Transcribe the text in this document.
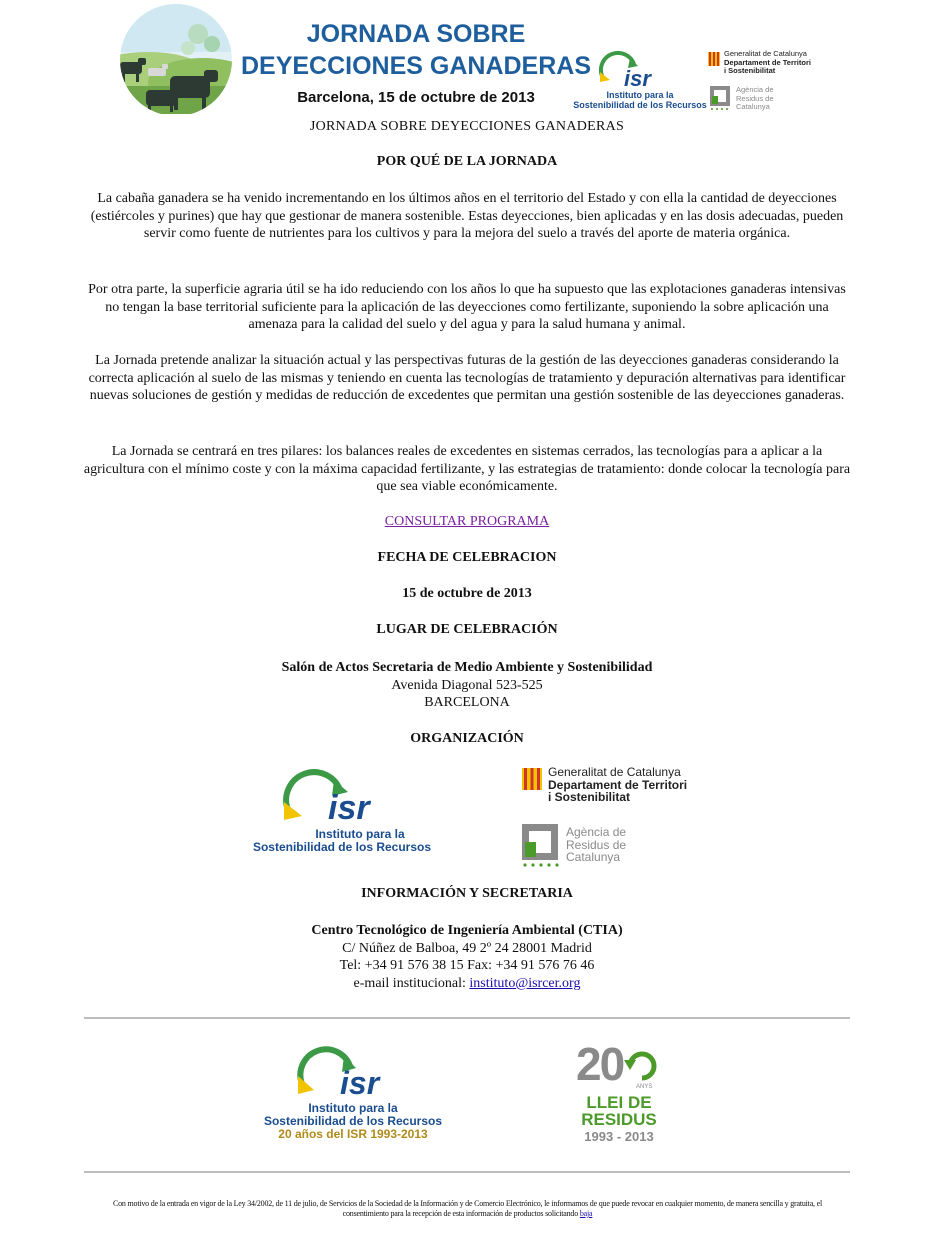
JORNADA SOBRE
DEYECCIONES GANADERAS
Barcelona, 15 de octubre de 2013
isr
Instituto para la
Sostenibilidad de los Recursos
Generalitat de Catalunya
Departament de Territori
i Sostenibilitat
Agència de
Residus de
Catalunya
JORNADA SOBRE DEYECCIONES GANADERAS
POR QUÉ DE LA JORNADA
La cabaña ganadera se ha venido incrementando en los últimos años en el territorio del Estado y con ella la cantidad de deyecciones (estiércoles y purines) que hay que gestionar de manera sostenible. Estas deyecciones, bien aplicadas y en las dosis adecuadas, pueden servir como fuente de nutrientes para los cultivos y para la mejora del suelo a través del aporte de materia orgánica.
Por otra parte, la superficie agraria útil se ha ido reduciendo con los años lo que ha supuesto que las explotaciones ganaderas intensivas no tengan la base territorial suficiente para la aplicación de las deyecciones como fertilizante, suponiendo la sobre aplicación una amenaza para la calidad del suelo y del agua y para la salud humana y animal.
La Jornada pretende analizar la situación actual y las perspectivas futuras de la gestión de las deyecciones ganaderas considerando la correcta aplicación al suelo de las mismas y teniendo en cuenta las tecnologías de tratamiento y depuración alternativas para identificar nuevas soluciones de gestión y medidas de reducción de excedentes que permitan una gestión sostenible de las deyecciones ganaderas.
La Jornada se centrará en tres pilares: los balances reales de excedentes en sistemas cerrados, las tecnologías para a aplicar a la agricultura con el mínimo coste y con la máxima capacidad fertilizante, y las estrategias de tratamiento: donde colocar la tecnología para que sea viable económicamente.
CONSULTAR PROGRAMA
FECHA DE CELEBRACION
15 de octubre de 2013
LUGAR DE CELEBRACIÓN
Salón de Actos Secretaria de Medio Ambiente y Sostenibilidad
Avenida Diagonal 523-525
BARCELONA
ORGANIZACIÓN
isr
Instituto para la
Sostenibilidad de los Recursos
Generalitat de Catalunya
Departament de Territori
i Sostenibilitat
Agència de
Residus de
Catalunya
INFORMACIÓN Y SECRETARIA
Centro Tecnológico de Ingeniería Ambiental (CTIA)
C/ Núñez de Balboa, 49 2º 24 28001 Madrid
Tel: +34 91 576 38 15 Fax: +34 91 576 76 46
e-mail institucional: instituto@isrcer.org
isr
Instituto para la
Sostenibilidad de los Recursos
20 años del ISR 1993-2013
20 ANYS
LLEI DE
RESIDUS
1993 - 2013
Con motivo de la entrada en vigor de la Ley 34/2002, de 11 de julio, de Servicios de la Sociedad de la Información y de Comercio Electrónico, le informamos de que puede revocar en cualquier momento, de manera sencilla y gratuita, el consentimiento para la recepción de esta información de productos solicitando baja
